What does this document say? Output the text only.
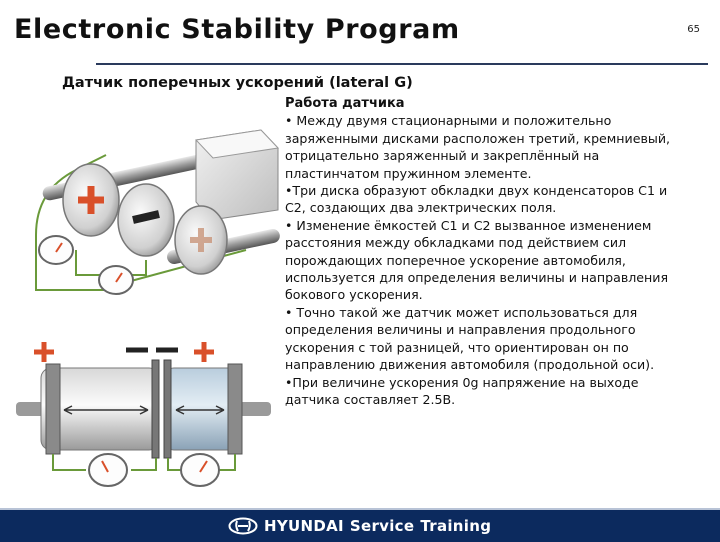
Electronic Stability Program	65
Датчик поперечных ускорений (lateral G)

Работа датчика

• Между двумя стационарными и положительно заряженными дисками расположен третий, кремниевый, отрицательно заряженный и закреплённый на пластинчатом пружинном элементе.

•Три диска образуют обкладки двух конденсаторов С1 и С2, создающих два электрических поля.

• Изменение ёмкостей С1 и С2 вызванное изменением расстояния между обкладками под действием сил порождающих поперечное ускорение автомобиля, используется для определения величины и направления бокового ускорения.

• Точно такой же датчик может использоваться для определения величины и направления продольного ускорения с той разницей, что ориентирован он по направлению движения автомобиля (продольной оси).

•При величине ускорения 0g напряжение на выходе датчика составляет 2.5В.

HYUNDAI Service Training
